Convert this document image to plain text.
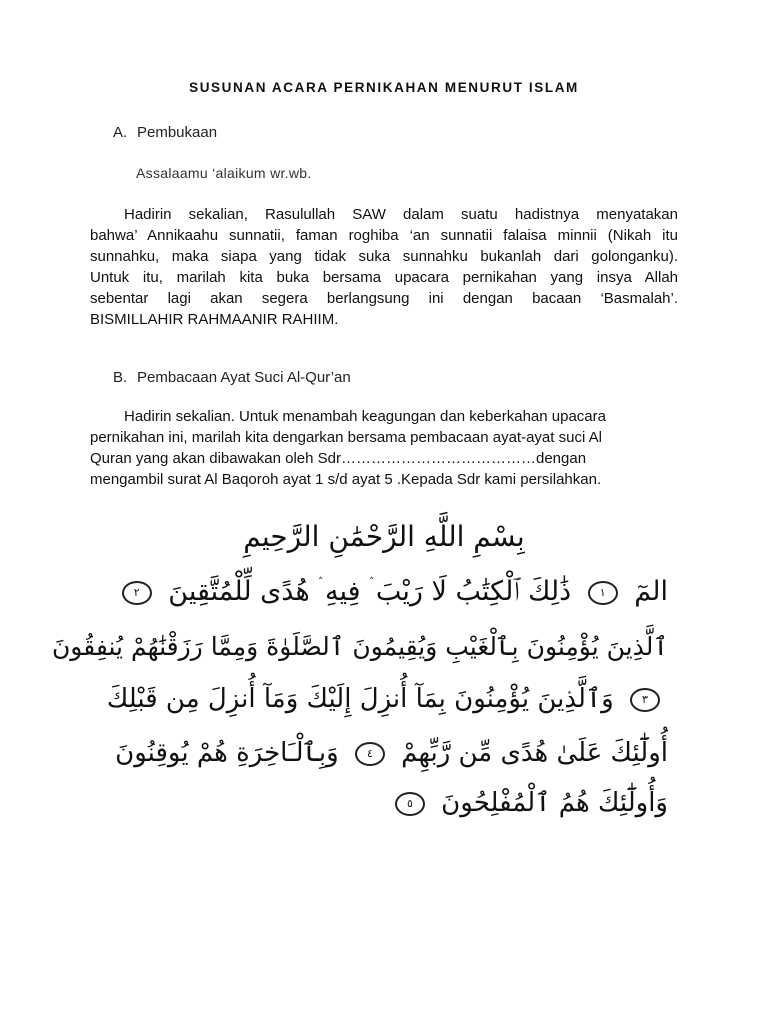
SUSUNAN ACARA PERNIKAHAN MENURUT ISLAM
A. Pembukaan
Assalaamu ‘alaikum wr.wb.
Hadirin sekalian, Rasulullah SAW dalam suatu hadistnya menyatakan
bahwa’ Annikaahu sunnatii, faman roghiba ‘an sunnatii falaisa minnii (Nikah itu
sunnahku, maka siapa yang tidak suka sunnahku bukanlah dari golonganku).
Untuk itu, marilah kita buka bersama upacara pernikahan yang insya Allah
sebentar lagi akan segera berlangsung ini dengan bacaan ‘Basmalah’.
BISMILLAHIR RAHMAANIR RAHIIM.
B. Pembacaan Ayat Suci Al-Qur’an
Hadirin sekalian. Untuk menambah keagungan dan keberkahan upacara
pernikahan ini, marilah kita dengarkan bersama pembacaan ayat-ayat suci Al
Quran yang akan dibawakan oleh Sdr…………………………………dengan
mengambil surat Al Baqoroh ayat 1 s/d ayat 5 .Kepada Sdr kami persilahkan.
بِسْمِ اللَّهِ الرَّحْمَٰنِ الرَّحِيمِ
المٓ ١ ذَٰلِكَ ٱلْكِتَٰبُ لَا رَيْبَ ۛ فِيهِ ۛ هُدًى لِّلْمُتَّقِينَ ٢
ٱلَّذِينَ يُؤْمِنُونَ بِٱلْغَيْبِ وَيُقِيمُونَ ٱلصَّلَوٰةَ وَمِمَّا رَزَقْنَٰهُمْ يُنفِقُونَ
٣ وَٱلَّذِينَ يُؤْمِنُونَ بِمَآ أُنزِلَ إِلَيْكَ وَمَآ أُنزِلَ مِن قَبْلِكَ
أُولَٰٓئِكَ عَلَىٰ هُدًى مِّن رَّبِّهِمْ ٤ وَبِٱلْـَاخِرَةِ هُمْ يُوقِنُونَ
وَأُولَٰٓئِكَ هُمُ ٱلْمُفْلِحُونَ ٥
